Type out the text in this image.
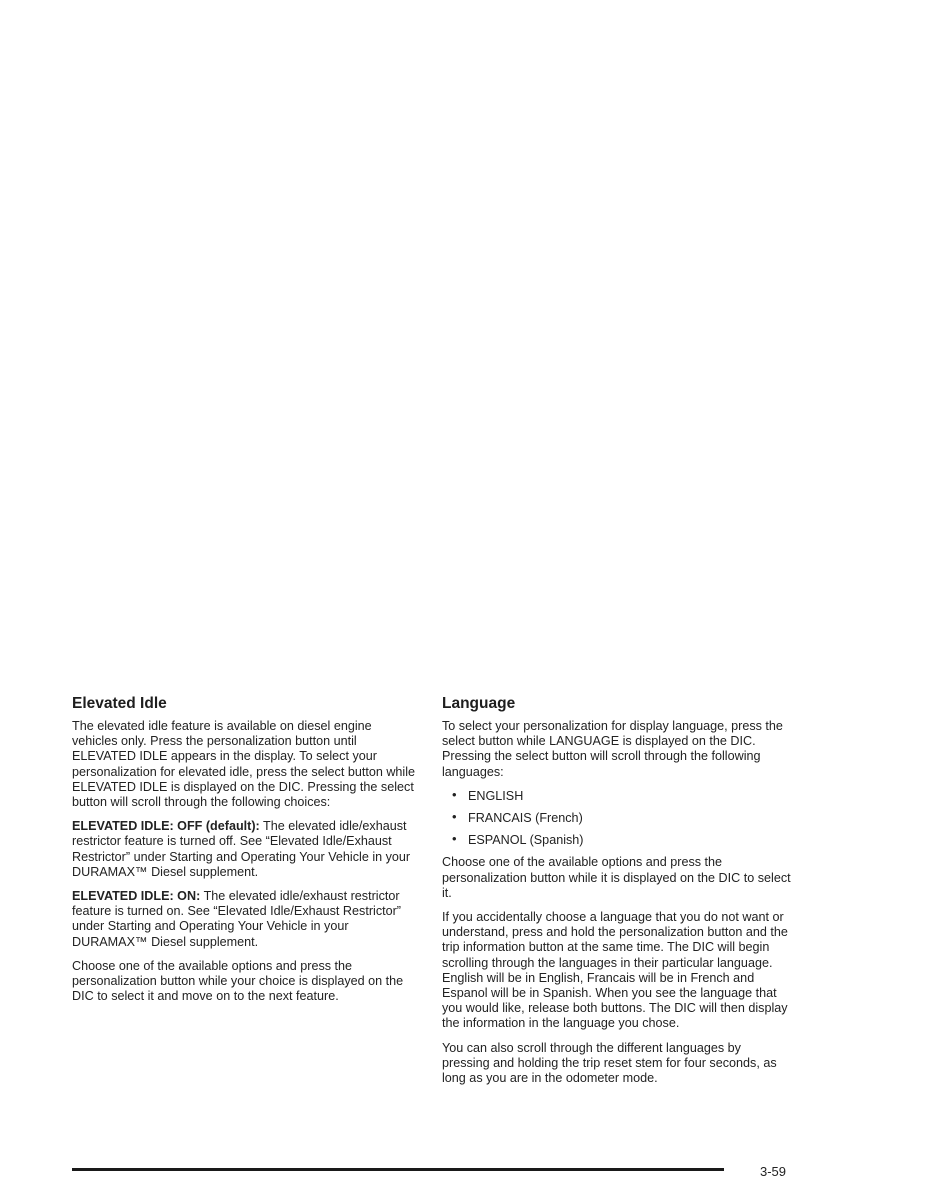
Elevated Idle

The elevated idle feature is available on diesel engine vehicles only. Press the personalization button until ELEVATED IDLE appears in the display. To select your personalization for elevated idle, press the select button while ELEVATED IDLE is displayed on the DIC. Pressing the select button will scroll through the following choices:

ELEVATED IDLE: OFF (default): The elevated idle/exhaust restrictor feature is turned off. See “Elevated Idle/Exhaust Restrictor” under Starting and Operating Your Vehicle in your DURAMAX™ Diesel supplement.

ELEVATED IDLE: ON: The elevated idle/exhaust restrictor feature is turned on. See “Elevated Idle/Exhaust Restrictor” under Starting and Operating Your Vehicle in your DURAMAX™ Diesel supplement.

Choose one of the available options and press the personalization button while your choice is displayed on the DIC to select it and move on to the next feature.

Language

To select your personalization for display language, press the select button while LANGUAGE is displayed on the DIC. Pressing the select button will scroll through the following languages:

• ENGLISH
• FRANCAIS (French)
• ESPANOL (Spanish)

Choose one of the available options and press the personalization button while it is displayed on the DIC to select it.

If you accidentally choose a language that you do not want or understand, press and hold the personalization button and the trip information button at the same time. The DIC will begin scrolling through the languages in their particular language. English will be in English, Francais will be in French and Espanol will be in Spanish. When you see the language that you would like, release both buttons. The DIC will then display the information in the language you chose.

You can also scroll through the different languages by pressing and holding the trip reset stem for four seconds, as long as you are in the odometer mode.

3-59
